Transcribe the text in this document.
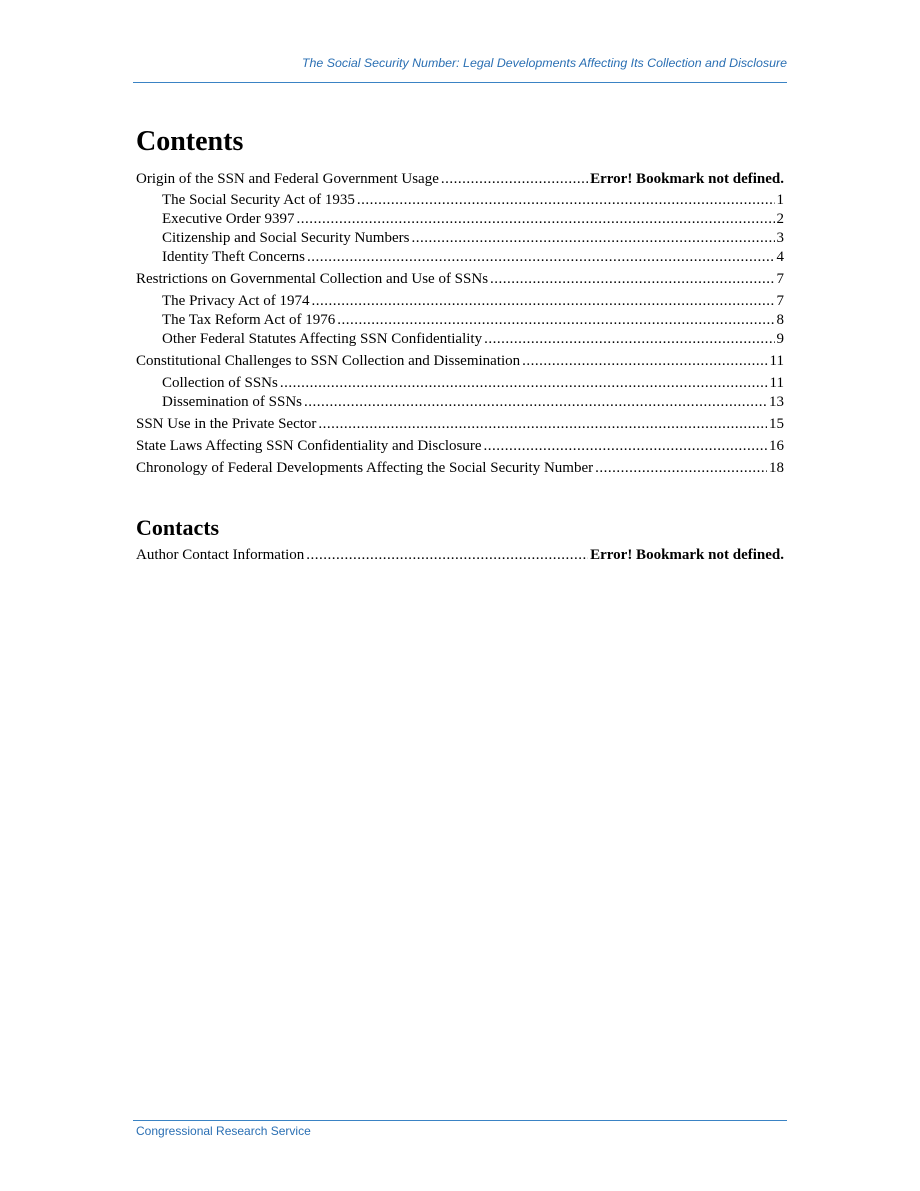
The Social Security Number: Legal Developments Affecting Its Collection and Disclosure
Contents
Origin of the SSN and Federal Government Usage .....	Error! Bookmark not defined.
The Social Security Act of 1935 .....	1
Executive Order 9397 .....	2
Citizenship and Social Security Numbers .....	3
Identity Theft Concerns .....	4
Restrictions on Governmental Collection and Use of SSNs .....	7
The Privacy Act of 1974 .....	7
The Tax Reform Act of 1976 .....	8
Other Federal Statutes Affecting SSN Confidentiality .....	9
Constitutional Challenges to SSN Collection and Dissemination .....	11
Collection of SSNs .....	11
Dissemination of SSNs .....	13
SSN Use in the Private Sector .....	15
State Laws Affecting SSN Confidentiality and Disclosure .....	16
Chronology of Federal Developments Affecting the Social Security Number .....	18
Contacts
Author Contact Information .....	Error! Bookmark not defined.
Congressional Research Service
